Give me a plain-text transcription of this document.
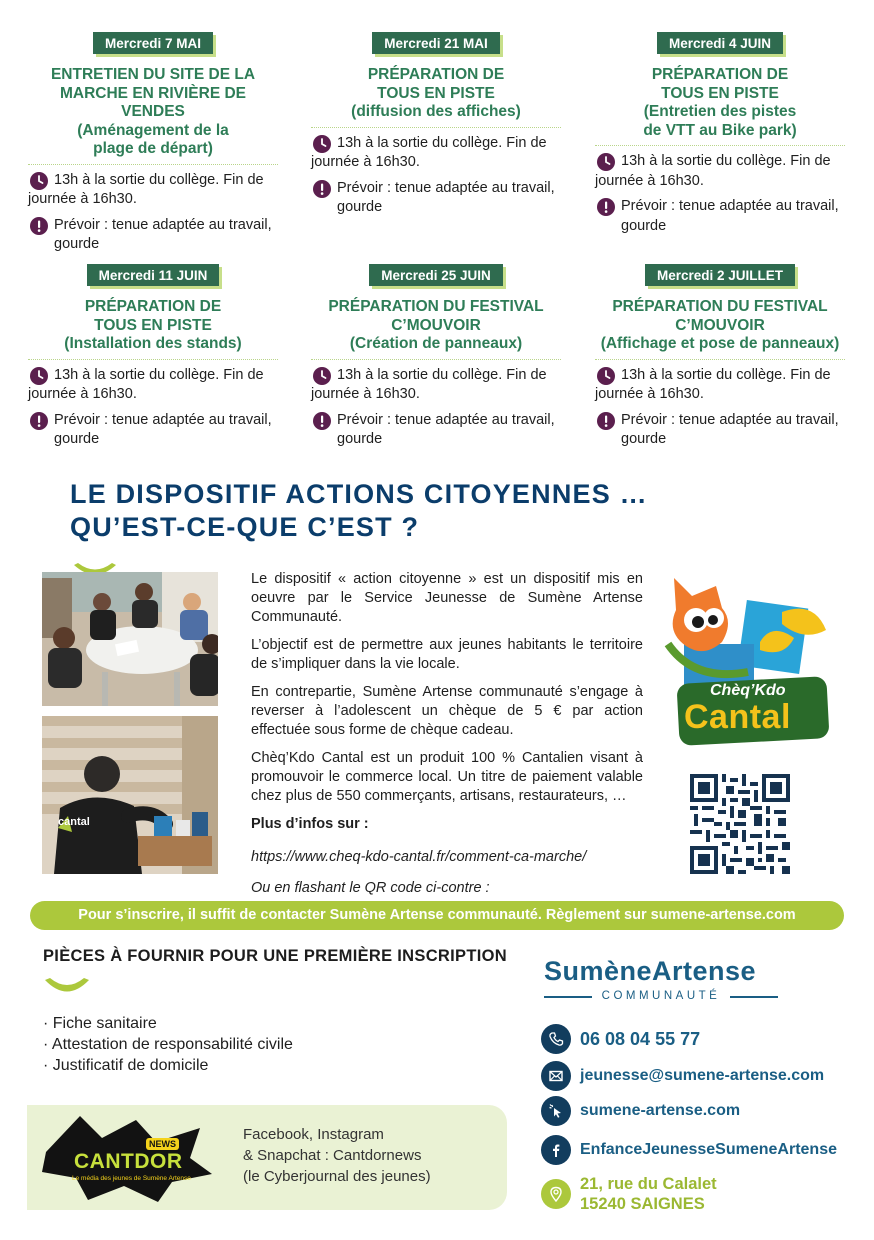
Mercredi 7 MAI
ENTRETIEN DU SITE DE LA
MARCHE EN RIVIÈRE DE
VENDES
(Aménagement de la
plage de départ)
13h à la sortie du collège. Fin de
journée à 16h30.
Prévoir : tenue adaptée au travail,
gourde
Mercredi 21 MAI
PRÉPARATION DE
TOUS EN PISTE
(diffusion des affiches)
13h à la sortie du collège. Fin de
journée à 16h30.
Prévoir : tenue adaptée au travail,
gourde
Mercredi 4 JUIN
PRÉPARATION DE
TOUS EN PISTE
(Entretien des pistes
de VTT au Bike park)
13h à la sortie du collège. Fin de
journée à 16h30.
Prévoir : tenue adaptée au travail,
gourde
Mercredi 11 JUIN
PRÉPARATION DE
TOUS EN PISTE
(Installation des stands)
13h à la sortie du collège. Fin de
journée à 16h30.
Prévoir : tenue adaptée au travail,
gourde
Mercredi 25 JUIN
PRÉPARATION DU FESTIVAL
C’MOUVOIR
(Création de panneaux)
13h à la sortie du collège. Fin de
journée à 16h30.
Prévoir : tenue adaptée au travail,
gourde
Mercredi 2 JUILLET
PRÉPARATION DU FESTIVAL
C’MOUVOIR
(Affichage et pose de panneaux)
13h à la sortie du collège. Fin de
journée à 16h30.
Prévoir : tenue adaptée au travail,
gourde
LE DISPOSITIF ACTIONS CITOYENNES …
QU’EST-CE-QUE C’EST ?
cantal

Le dispositif « action citoyenne » est un dispositif mis en oeuvre par le Service Jeunesse de Sumène Artense Communauté.

L’objectif est de permettre aux jeunes habitants le territoire de s’impliquer dans la vie locale.

En contrepartie, Sumène Artense communauté s’engage à reverser à l’adolescent un chèque de 5 € par action effectuée sous forme de chèque cadeau.

Chèq’Kdo Cantal est un produit 100 % Cantalien visant à promouvoir le commerce local. Un titre de paiement valable chez plus de 550 commerçants, artisans, restaurateurs, …

Plus d’infos sur :

https://www.cheq-kdo-cantal.fr/comment-ca-marche/

Ou en flashant le QR code ci-contre :

Chèq’Kdo
Cantal
Pour s’inscrire, il suffit de contacter Sumène Artense communauté. Règlement sur sumene-artense.com
PIÈCES À FOURNIR POUR UNE PREMIÈRE INSCRIPTION
· Fiche sanitaire
· Attestation de responsabilité civile
· Justificatif de domicile
NEWS
CANTDOR
Le média des jeunes de Sumène Artense
Facebook, Instagram
& Snapchat : Cantdornews
(le Cyberjournal des jeunes)
SumèneArtense
COMMUNAUTÉ
06 08 04 55 77
jeunesse@sumene-artense.com
sumene-artense.com
EnfanceJeunesseSumeneArtense
21, rue du Calalet
15240 SAIGNES
